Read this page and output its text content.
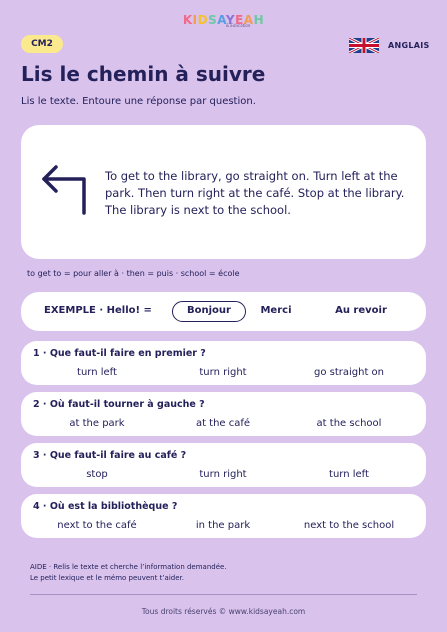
KIDSAYEAH
& Education
CM2	ANGLAIS
Lis le chemin à suivre

Lis le texte. Entoure une réponse par question.

To get to the library, go straight on. Turn left at the park. Then turn right at the café. Stop at the library. The library is next to the school.

to get to = pour aller à · then = puis · school = école
EXEMPLE · Hello! =	Bonjour	Merci	Au revoir
1 · Que faut-il faire en premier ?
turn left	turn right	go straight on
2 · Où faut-il tourner à gauche ?
at the park	at the café	at the school
3 · Que faut-il faire au café ?
stop	turn right	turn left
4 · Où est la bibliothèque ?
next to the café	in the park	next to the school
AIDE · Relis le texte et cherche l’information demandée.
Le petit lexique et le mémo peuvent t’aider.
Tous droits réservés © www.kidsayeah.com
